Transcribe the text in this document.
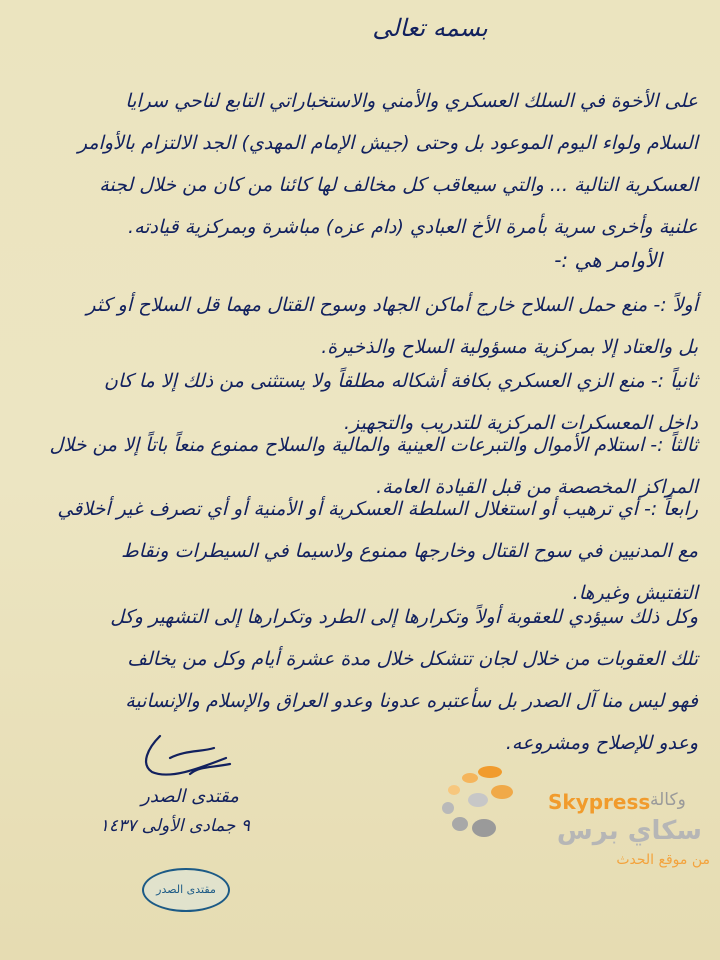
بسمه تعالى
على الأخوة في السلك العسكري والأمني والاستخباراتي التابع لناحي سرايا
السلام ولواء اليوم الموعود بل وحتى (جيش الإمام المهدي) الجد الالتزام بالأوامر
العسكرية التالية ... والتي سيعاقب كل مخالف لها كائنا من كان من خلال لجنة
علنية وأخرى سرية بأمرة الأخ العبادي (دام عزه) مباشرة وبمركزية قيادته.
الأوامر هي :-
أولاً :- منع حمل السلاح خارج أماكن الجهاد وسوح القتال مهما قل السلاح أو كثر
بل والعتاد إلا بمركزية مسؤولية السلاح والذخيرة.
ثانياً :- منع الزي العسكري بكافة أشكاله مطلقاً ولا يستثنى من ذلك إلا ما كان
داخل المعسكرات المركزية للتدريب والتجهيز.
ثالثاً :- استلام الأموال والتبرعات العينية والمالية والسلاح ممنوع منعاً باتاً إلا من خلال
المراكز المخصصة من قبل القيادة العامة.
رابعاً :- أي ترهيب أو استغلال السلطة العسكرية أو الأمنية أو أي تصرف غير أخلاقي
مع المدنيين في سوح القتال وخارجها ممنوع ولاسيما في السيطرات ونقاط
التفتيش وغيرها.
وكل ذلك سيؤدي للعقوبة أولاً وتكرارها إلى الطرد وتكرارها إلى التشهير وكل
تلك العقوبات من خلال لجان تتشكل خلال مدة عشرة أيام وكل من يخالف
فهو ليس منا آل الصدر بل سأعتبره عدونا وعدو العراق والإسلام والإنسانية
وعدو للإصلاح ومشروعه.
مقتدى الصدر
٩ جمادى الأولى ١٤٣٧
مقتدى الصدر
Skypress وكالة
سكاي برس
من موقع الحدث
